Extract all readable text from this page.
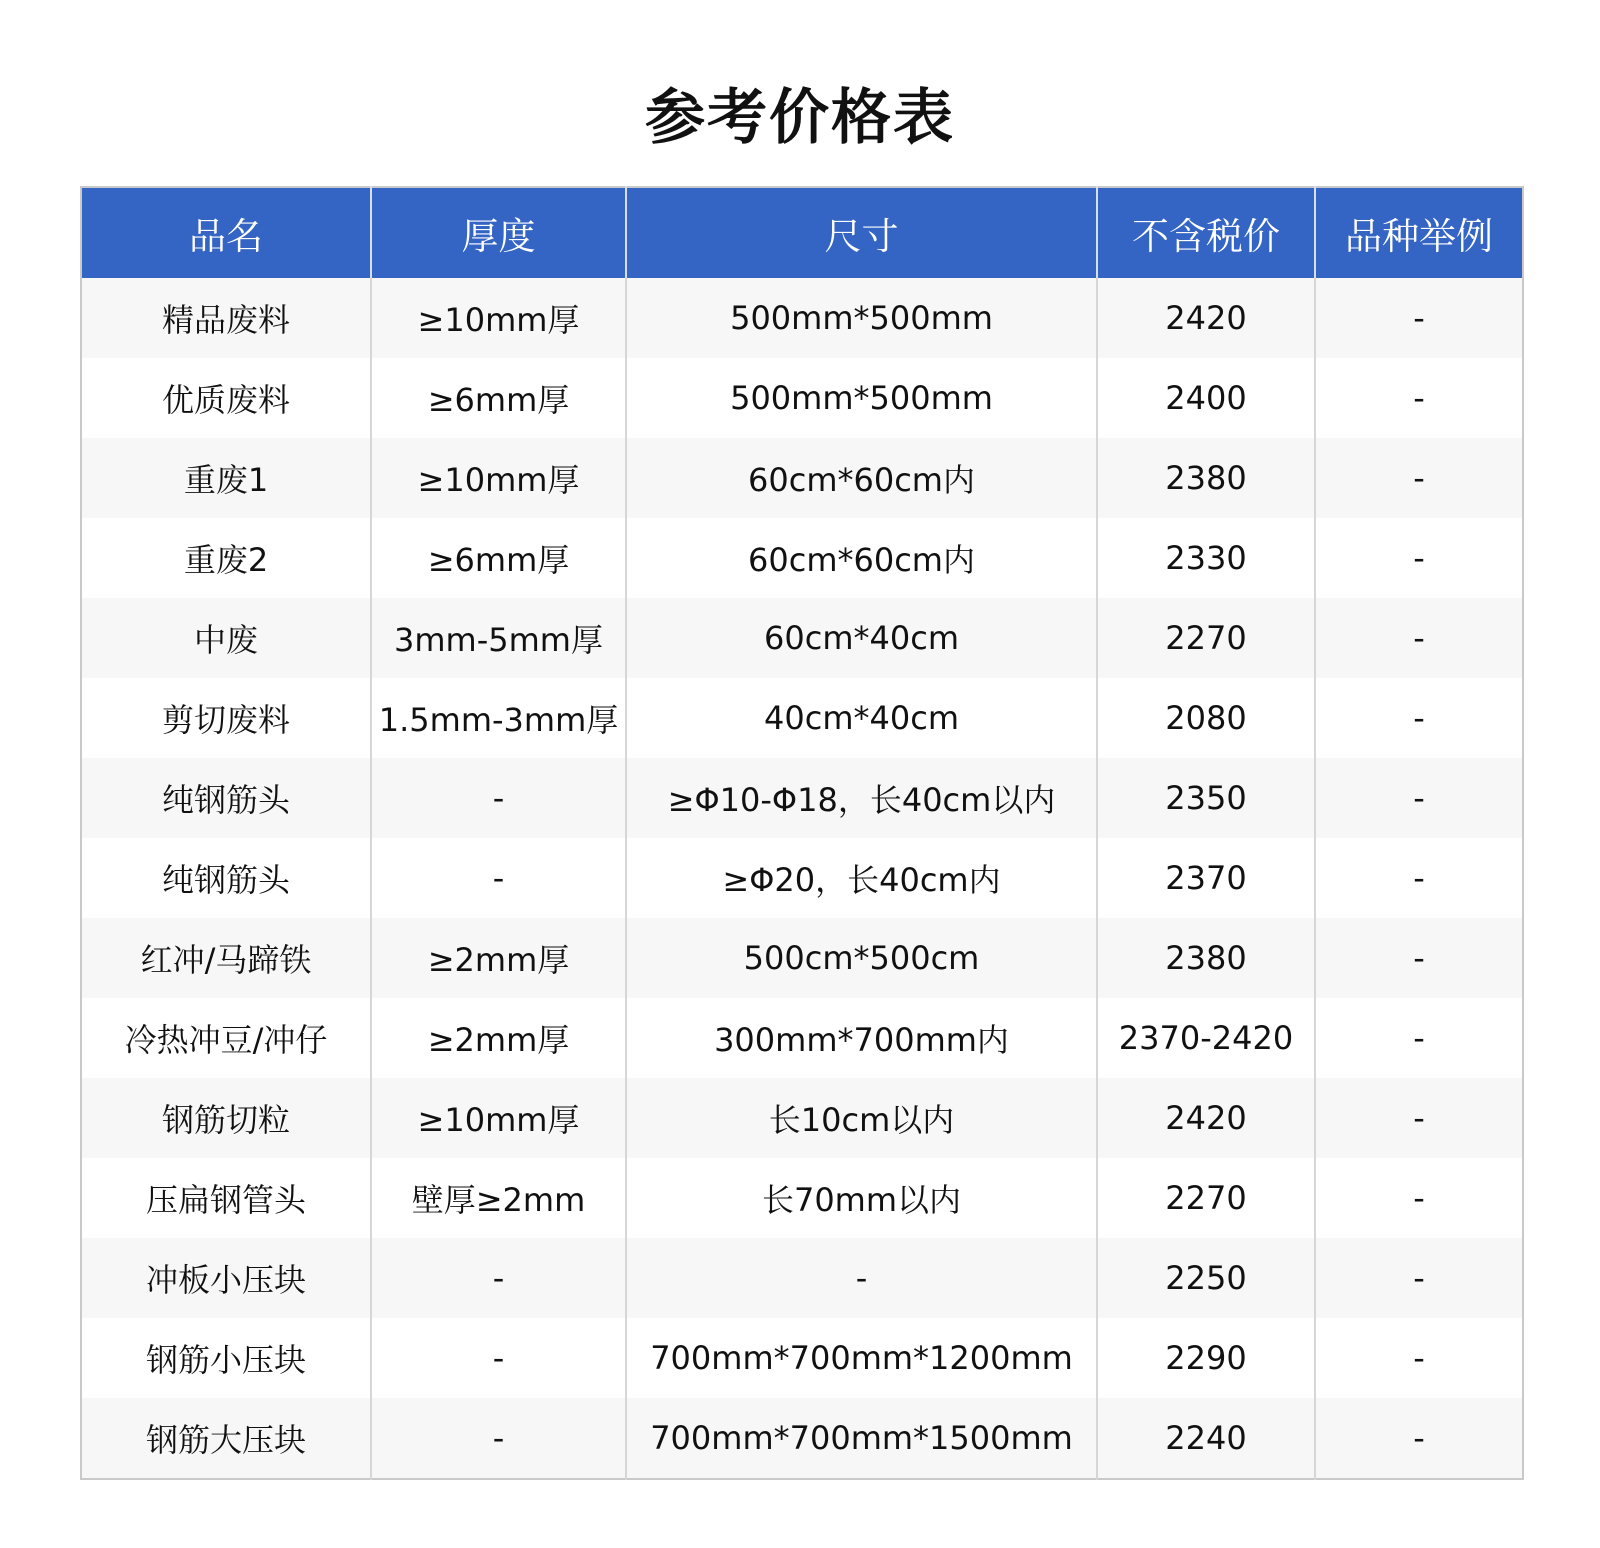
参考价格表
品名	厚度	尺寸	不含税价	品种举例
精品废料	≥10mm厚	500mm*500mm	2420	-
优质废料	≥6mm厚	500mm*500mm	2400	-
重废1	≥10mm厚	60cm*60cm内	2380	-
重废2	≥6mm厚	60cm*60cm内	2330	-
中废	3mm-5mm厚	60cm*40cm	2270	-
剪切废料	1.5mm-3mm厚	40cm*40cm	2080	-
纯钢筋头	-	≥Φ10-Φ18，长40cm以内	2350	-
纯钢筋头	-	≥Φ20，长40cm内	2370	-
红冲/马蹄铁	≥2mm厚	500cm*500cm	2380	-
冷热冲豆/冲仔	≥2mm厚	300mm*700mm内	2370-2420	-
钢筋切粒	≥10mm厚	长10cm以内	2420	-
压扁钢管头	壁厚≥2mm	长70mm以内	2270	-
冲板小压块	-	-	2250	-
钢筋小压块	-	700mm*700mm*1200mm	2290	-
钢筋大压块	-	700mm*700mm*1500mm	2240	-
